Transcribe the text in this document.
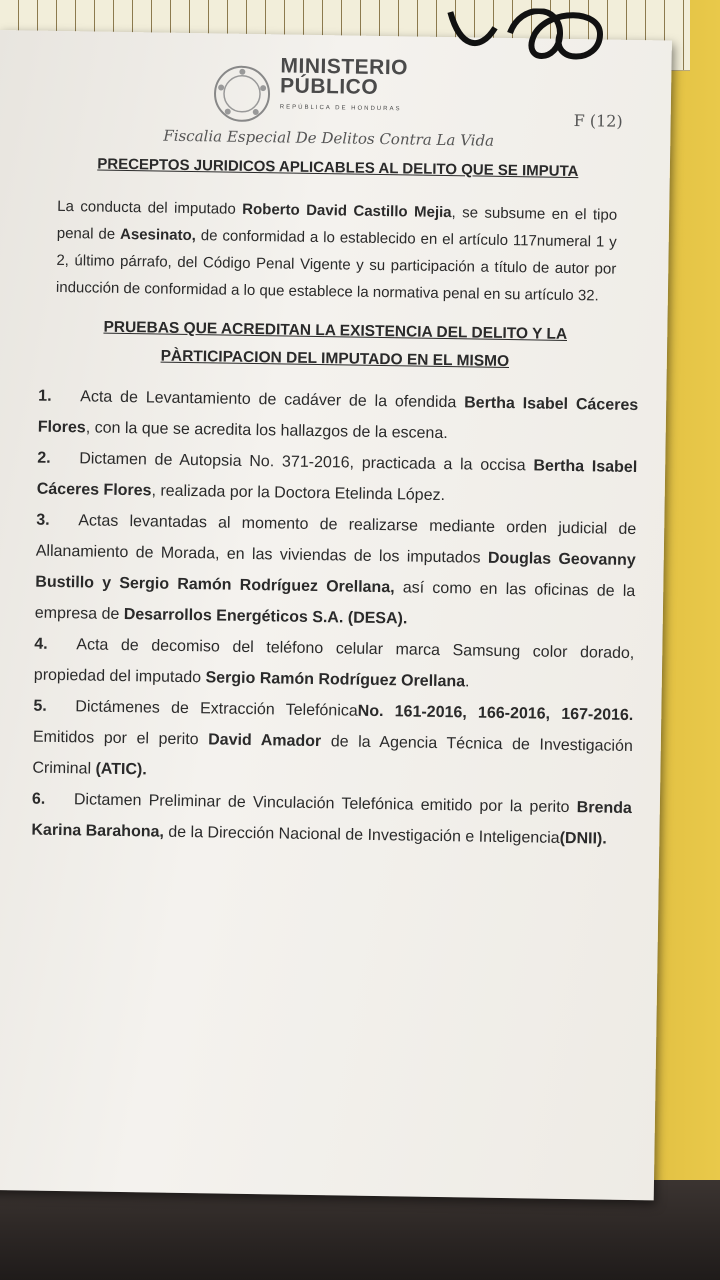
MINISTERIO
PÚBLICO
REPÚBLICA DE HONDURAS
Fiscalia Especial De Delitos Contra La Vida
F (12)

PRECEPTOS JURIDICOS APLICABLES AL DELITO QUE SE IMPUTA

La conducta del imputado Roberto David Castillo Mejia, se subsume en el tipo penal de Asesinato, de conformidad a lo establecido en el artículo 117numeral 1 y 2, último párrafo, del Código Penal Vigente y su participación a título de autor por inducción de conformidad a lo que establece la normativa penal en su artículo 32.

PRUEBAS QUE ACREDITAN LA EXISTENCIA DEL DELITO Y LA PÀRTICIPACION DEL IMPUTADO EN EL MISMO

1. Acta de Levantamiento de cadáver de la ofendida Bertha Isabel Cáceres Flores, con la que se acredita los hallazgos de la escena.
2. Dictamen de Autopsia No. 371-2016, practicada a la occisa Bertha Isabel Cáceres Flores, realizada por la Doctora Etelinda López.
3. Actas levantadas al momento de realizarse mediante orden judicial de Allanamiento de Morada, en las viviendas de los imputados Douglas Geovanny Bustillo y Sergio Ramón Rodríguez Orellana, así como en las oficinas de la empresa de Desarrollos Energéticos S.A. (DESA).
4. Acta de decomiso del teléfono celular marca Samsung color dorado, propiedad del imputado Sergio Ramón Rodríguez Orellana.
5. Dictámenes de Extracción TelefónicaNo. 161-2016, 166-2016, 167-2016. Emitidos por el perito David Amador de la Agencia Técnica de Investigación Criminal (ATIC).
6. Dictamen Preliminar de Vinculación Telefónica emitido por la perito Brenda Karina Barahona, de la Dirección Nacional de Investigación e Inteligencia(DNII).
